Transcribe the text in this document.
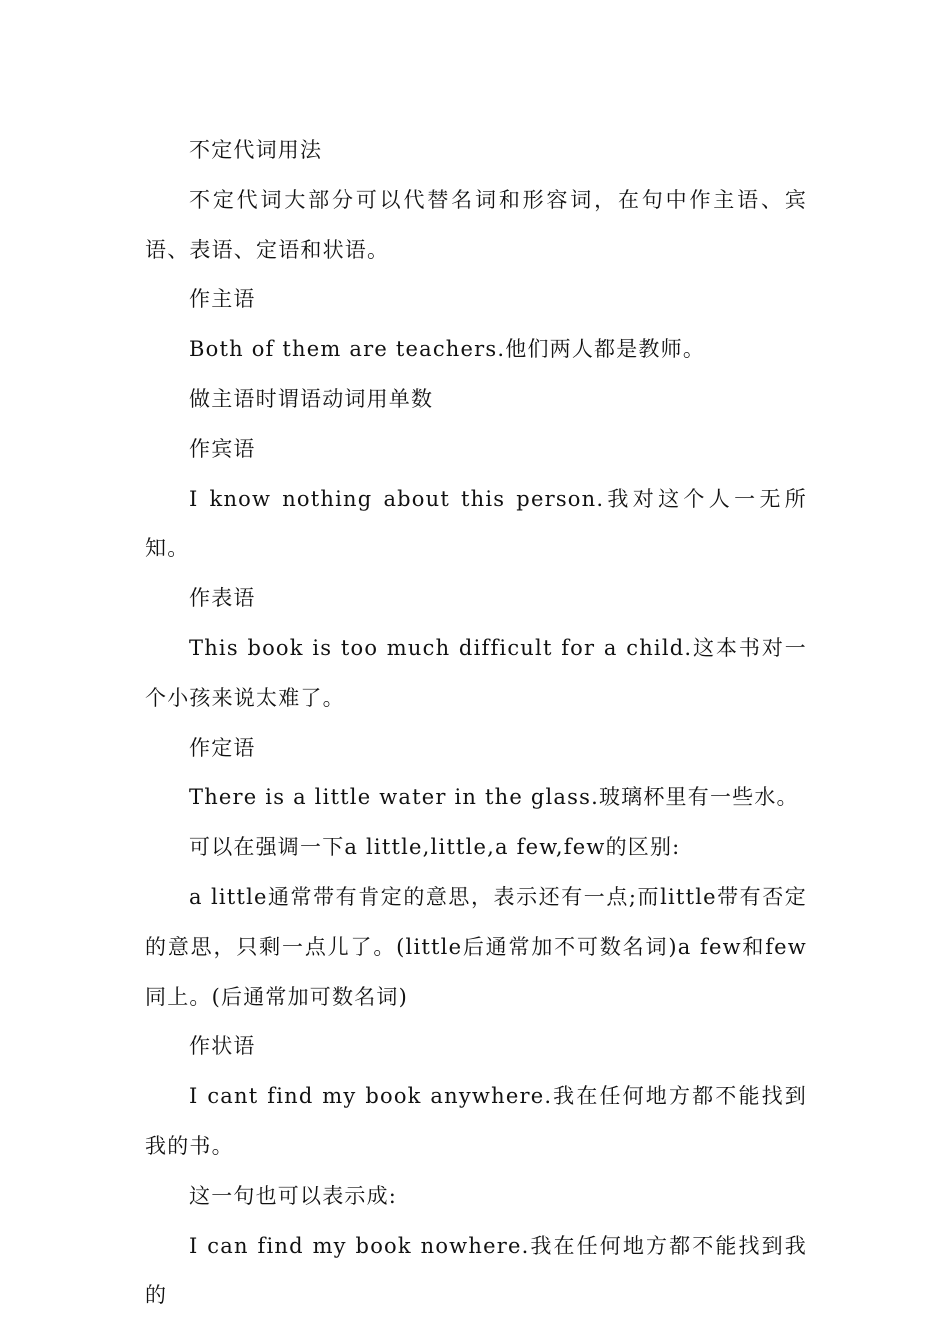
不定代词用法

不定代词大部分可以代替名词和形容词，在句中作主语、宾语、表语、定语和状语。

作主语

Both of them are teachers.他们两人都是教师。

做主语时谓语动词用单数

作宾语

I know nothing about this person.我对这个人一无所知。

作表语

This book is too much difficult for a child.这本书对一个小孩来说太难了。

作定语

There is a little water in the glass.玻璃杯里有一些水。

可以在强调一下a little,little,a few,few的区别:

a little通常带有肯定的意思，表示还有一点;而little带有否定的意思，只剩一点儿了。(little后通常加不可数名词)a few和few同上。(后通常加可数名词)

作状语

I cant find my book anywhere.我在任何地方都不能找到我的书。

这一句也可以表示成:

I can find my book nowhere.我在任何地方都不能找到我的
